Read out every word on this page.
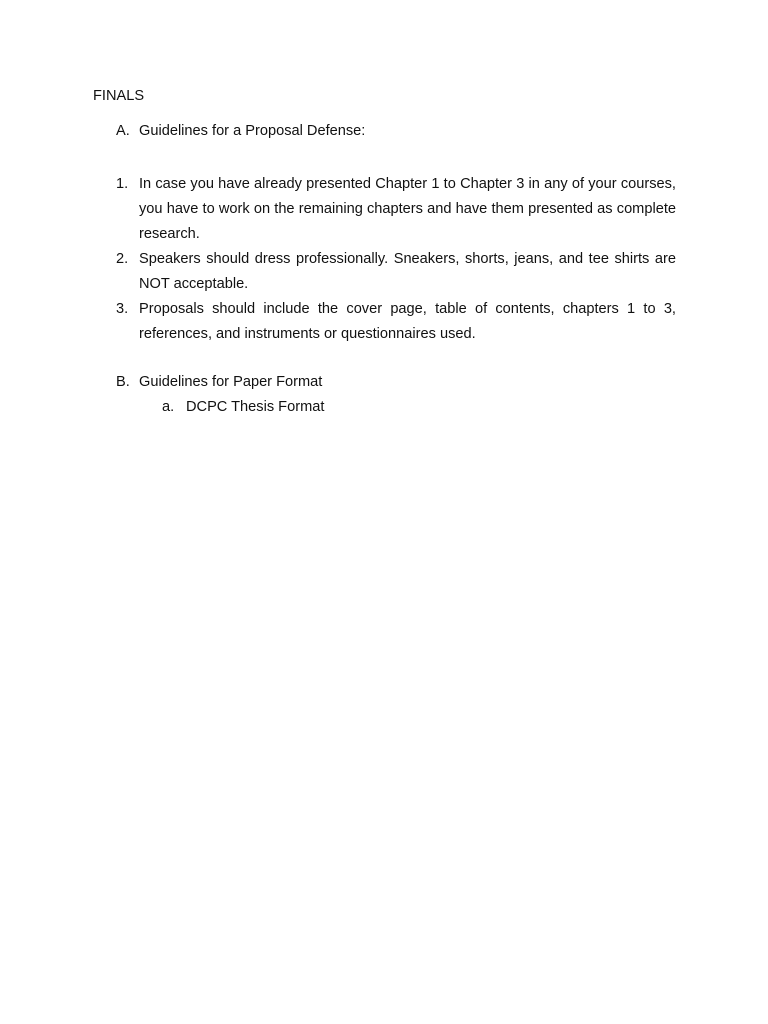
FINALS
A. Guidelines for a Proposal Defense:
1. In case you have already presented Chapter 1 to Chapter 3 in any of your courses, you have to work on the remaining chapters and have them presented as complete research.
2. Speakers should dress professionally. Sneakers, shorts, jeans, and tee shirts are NOT acceptable.
3. Proposals should include the cover page, table of contents, chapters 1 to 3, references, and instruments or questionnaires used.
B. Guidelines for Paper Format
a. DCPC Thesis Format
